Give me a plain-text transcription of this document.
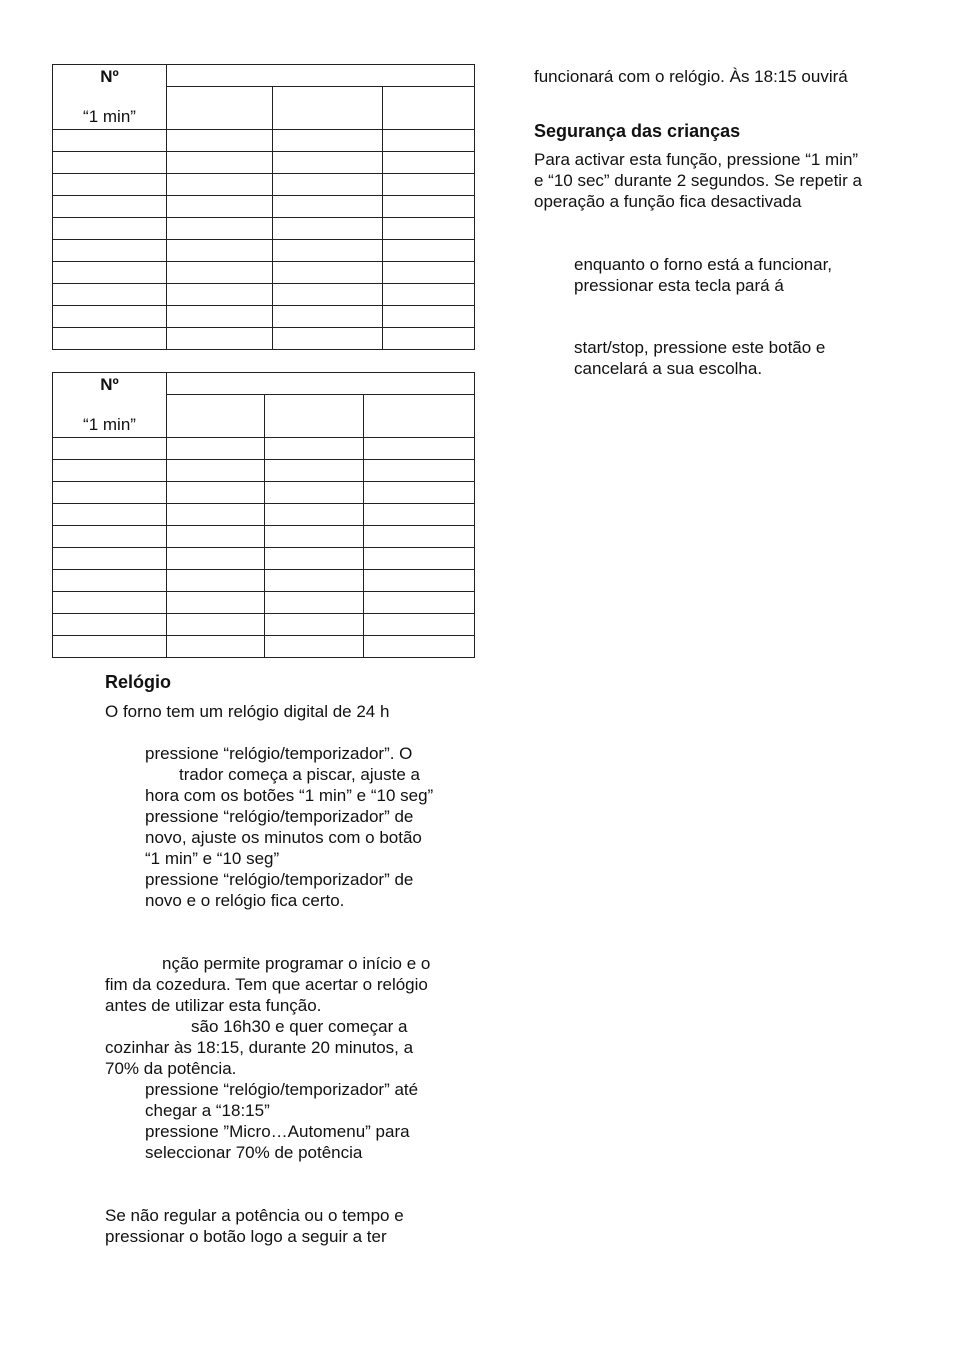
Nº
“1 min”			

Nº
“1 min”			

Relógio
O forno tem um relógio digital de 24 h
pressione “relógio/temporizador”. O
trador começa a piscar, ajuste a
hora com os botões “1 min” e “10 seg”
pressione “relógio/temporizador” de
novo, ajuste os minutos com o botão
“1 min” e “10 seg”
pressione “relógio/temporizador” de
novo e o relógio fica certo.
nção permite programar o início e o
fim da cozedura. Tem que acertar o relógio
antes de utilizar esta função.
são 16h30 e quer começar a
cozinhar às 18:15, durante 20 minutos, a
70% da potência.
pressione “relógio/temporizador” até
chegar a “18:15”
pressione ”Micro…Automenu” para
seleccionar 70% de potência
Se não regular a potência ou o tempo e
pressionar o botão logo a seguir a ter
funcionará com o relógio. Às 18:15 ouvirá
Segurança das crianças
Para activar esta função, pressione “1 min”
e “10 sec” durante 2 segundos. Se repetir a
operação a função fica desactivada
enquanto o forno está a funcionar,
pressionar esta tecla pará á
start/stop, pressione este botão e
cancelará a sua escolha.
